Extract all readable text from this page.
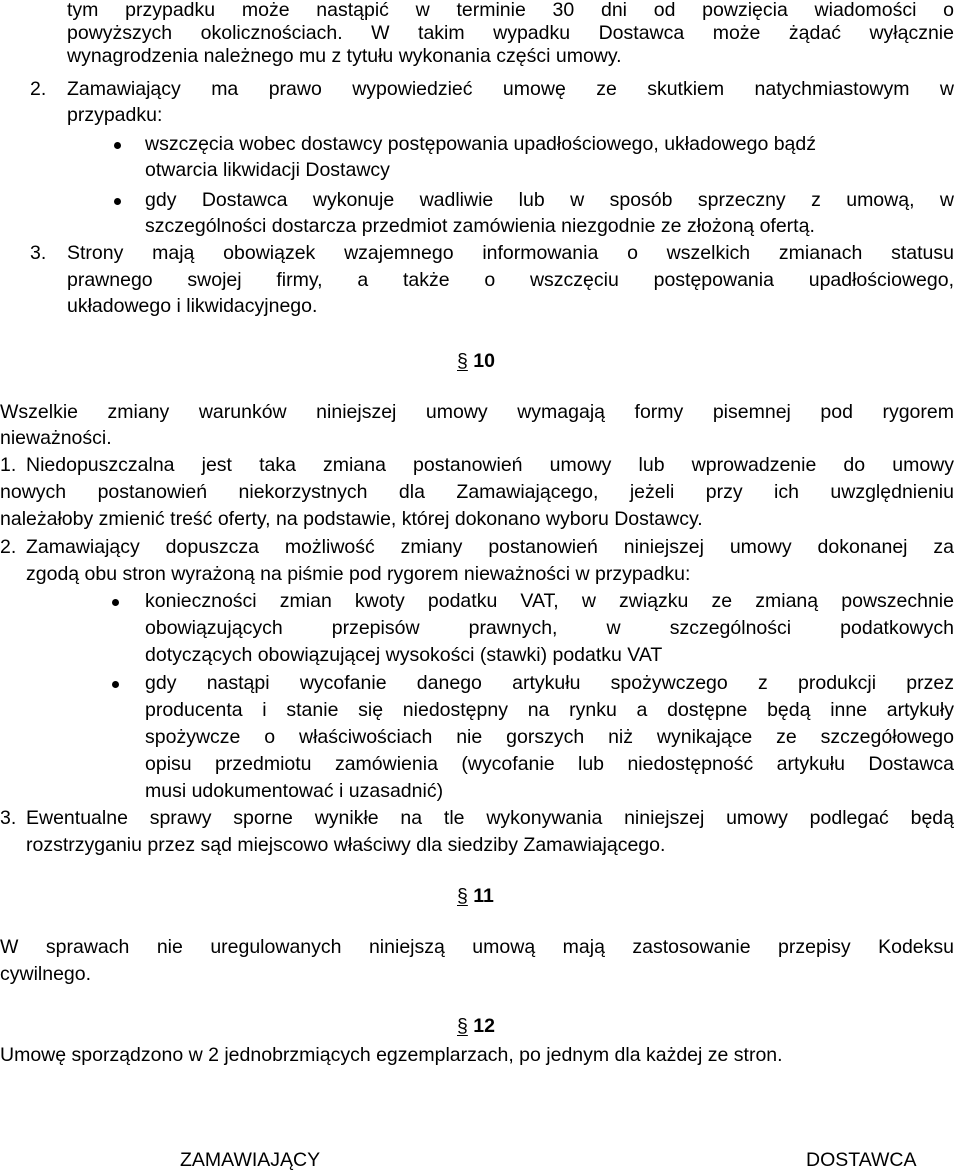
tym przypadku może nastąpić w terminie 30 dni od powzięcia wiadomości o

powyższych okolicznościach. W takim wypadku Dostawca może żądać wyłącznie

wynagrodzenia należnego mu z tytułu wykonania części umowy.

2. Zamawiający ma prawo wypowiedzieć umowę ze skutkiem natychmiastowym w

przypadku:

wszczęcia wobec dostawcy postępowania upadłościowego, układowego bądź

otwarcia likwidacji Dostawcy

gdy Dostawca wykonuje wadliwie lub w sposób sprzeczny z umową, w

szczególności dostarcza przedmiot zamówienia niezgodnie ze złożoną ofertą.

3. Strony mają obowiązek wzajemnego informowania o wszelkich zmianach statusu

prawnego swojej firmy, a także o wszczęciu postępowania upadłościowego,

układowego i likwidacyjnego.

§ 10

Wszelkie zmiany warunków niniejszej umowy wymagają formy pisemnej pod rygorem

nieważności.

1. Niedopuszczalna jest taka zmiana postanowień umowy lub wprowadzenie do umowy

nowych postanowień niekorzystnych dla Zamawiającego, jeżeli przy ich uwzględnieniu

należałoby zmienić treść oferty, na podstawie, której dokonano wyboru Dostawcy.

2. Zamawiający dopuszcza możliwość zmiany postanowień niniejszej umowy dokonanej za

zgodą obu stron wyrażoną na piśmie pod rygorem nieważności w przypadku:

konieczności zmian kwoty podatku VAT, w związku ze zmianą powszechnie

obowiązujących przepisów prawnych, w szczególności podatkowych

dotyczących obowiązującej wysokości (stawki) podatku VAT

gdy nastąpi wycofanie danego artykułu spożywczego z produkcji przez

producenta i stanie się niedostępny na rynku a dostępne będą inne artykuły

spożywcze o właściwościach nie gorszych niż wynikające ze szczegółowego

opisu przedmiotu zamówienia (wycofanie lub niedostępność artykułu Dostawca

musi udokumentować i uzasadnić)

3. Ewentualne sprawy sporne wynikłe na tle wykonywania niniejszej umowy podlegać będą

rozstrzyganiu przez sąd miejscowo właściwy dla siedziby Zamawiającego.

§ 11

W sprawach nie uregulowanych niniejszą umową mają zastosowanie przepisy Kodeksu

cywilnego.

§ 12

Umowę sporządzono w 2 jednobrzmiących egzemplarzach, po jednym dla każdej ze stron.

ZAMAWIAJĄCY	DOSTAWCA
